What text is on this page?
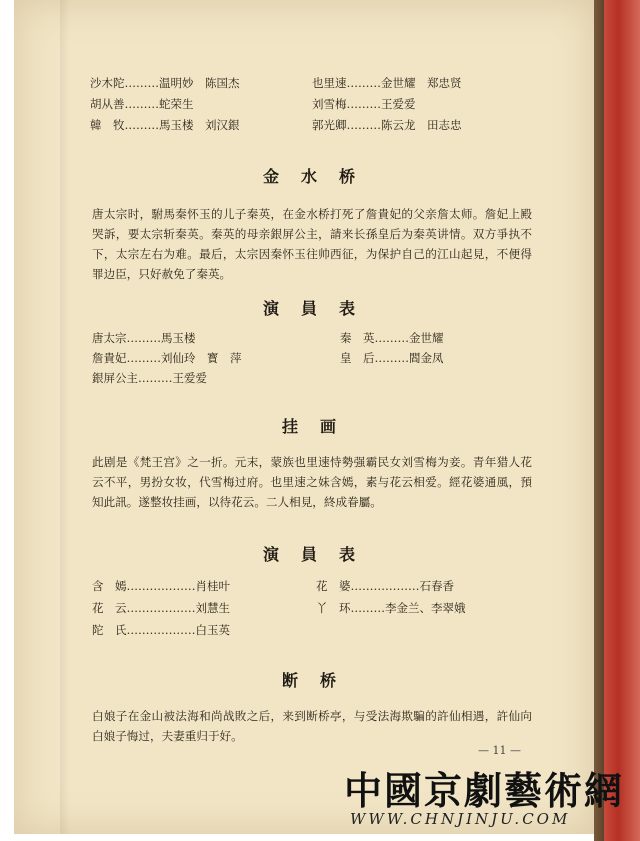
沙木陀………温明妙　陈国杰	也里速………金世耀　郑忠贤
胡从善………蛇荣生	刘雪梅………王爱爱
韓　牧………馬玉楼　刘汉銀	郭光卿………陈云龙　田志忠
金水桥
唐太宗时，駙馬秦怀玉的儿子秦英，在金水桥打死了詹貴妃的父亲詹太师。詹妃上殿哭訴，要太宗斩秦英。秦英的母亲銀屏公主，請来长孫皇后为秦英讲情。双方爭执不下，太宗左右为难。最后，太宗因秦怀玉往帅西征，为保护自己的江山起見，不便得罪边臣，只好赦免了秦英。
演員表
唐太宗………馬玉楼	秦　英………金世耀
詹貴妃………刘仙玲　寳　萍	皇　后………閻金凤
銀屏公主………王爱爱
挂画
此剧是《梵王宫》之一折。元末，蒙族也里速恃勢强霸民女刘雪梅为妾。青年猎人花云不平，男扮女妆，代雪梅过府。也里速之妹含嫣，素与花云相爱。經花婆通風，預知此訊。遂整妆挂画，以待花云。二人相見，終成眷屬。
演員表
含　嫣………………肖桂叶	花　婆………………石春香
花　云………………刘慧生	丫　环………李金兰、李翠娥
陀　氏………………白玉英
断桥
白娘子在金山被法海和尚战敗之后，来到断桥亭，与受法海欺騙的許仙相遇，許仙向白娘子悔过，夫妻重归于好。
— 11 —
中國京劇藝術網
WWW.CHNJINJU.COM
